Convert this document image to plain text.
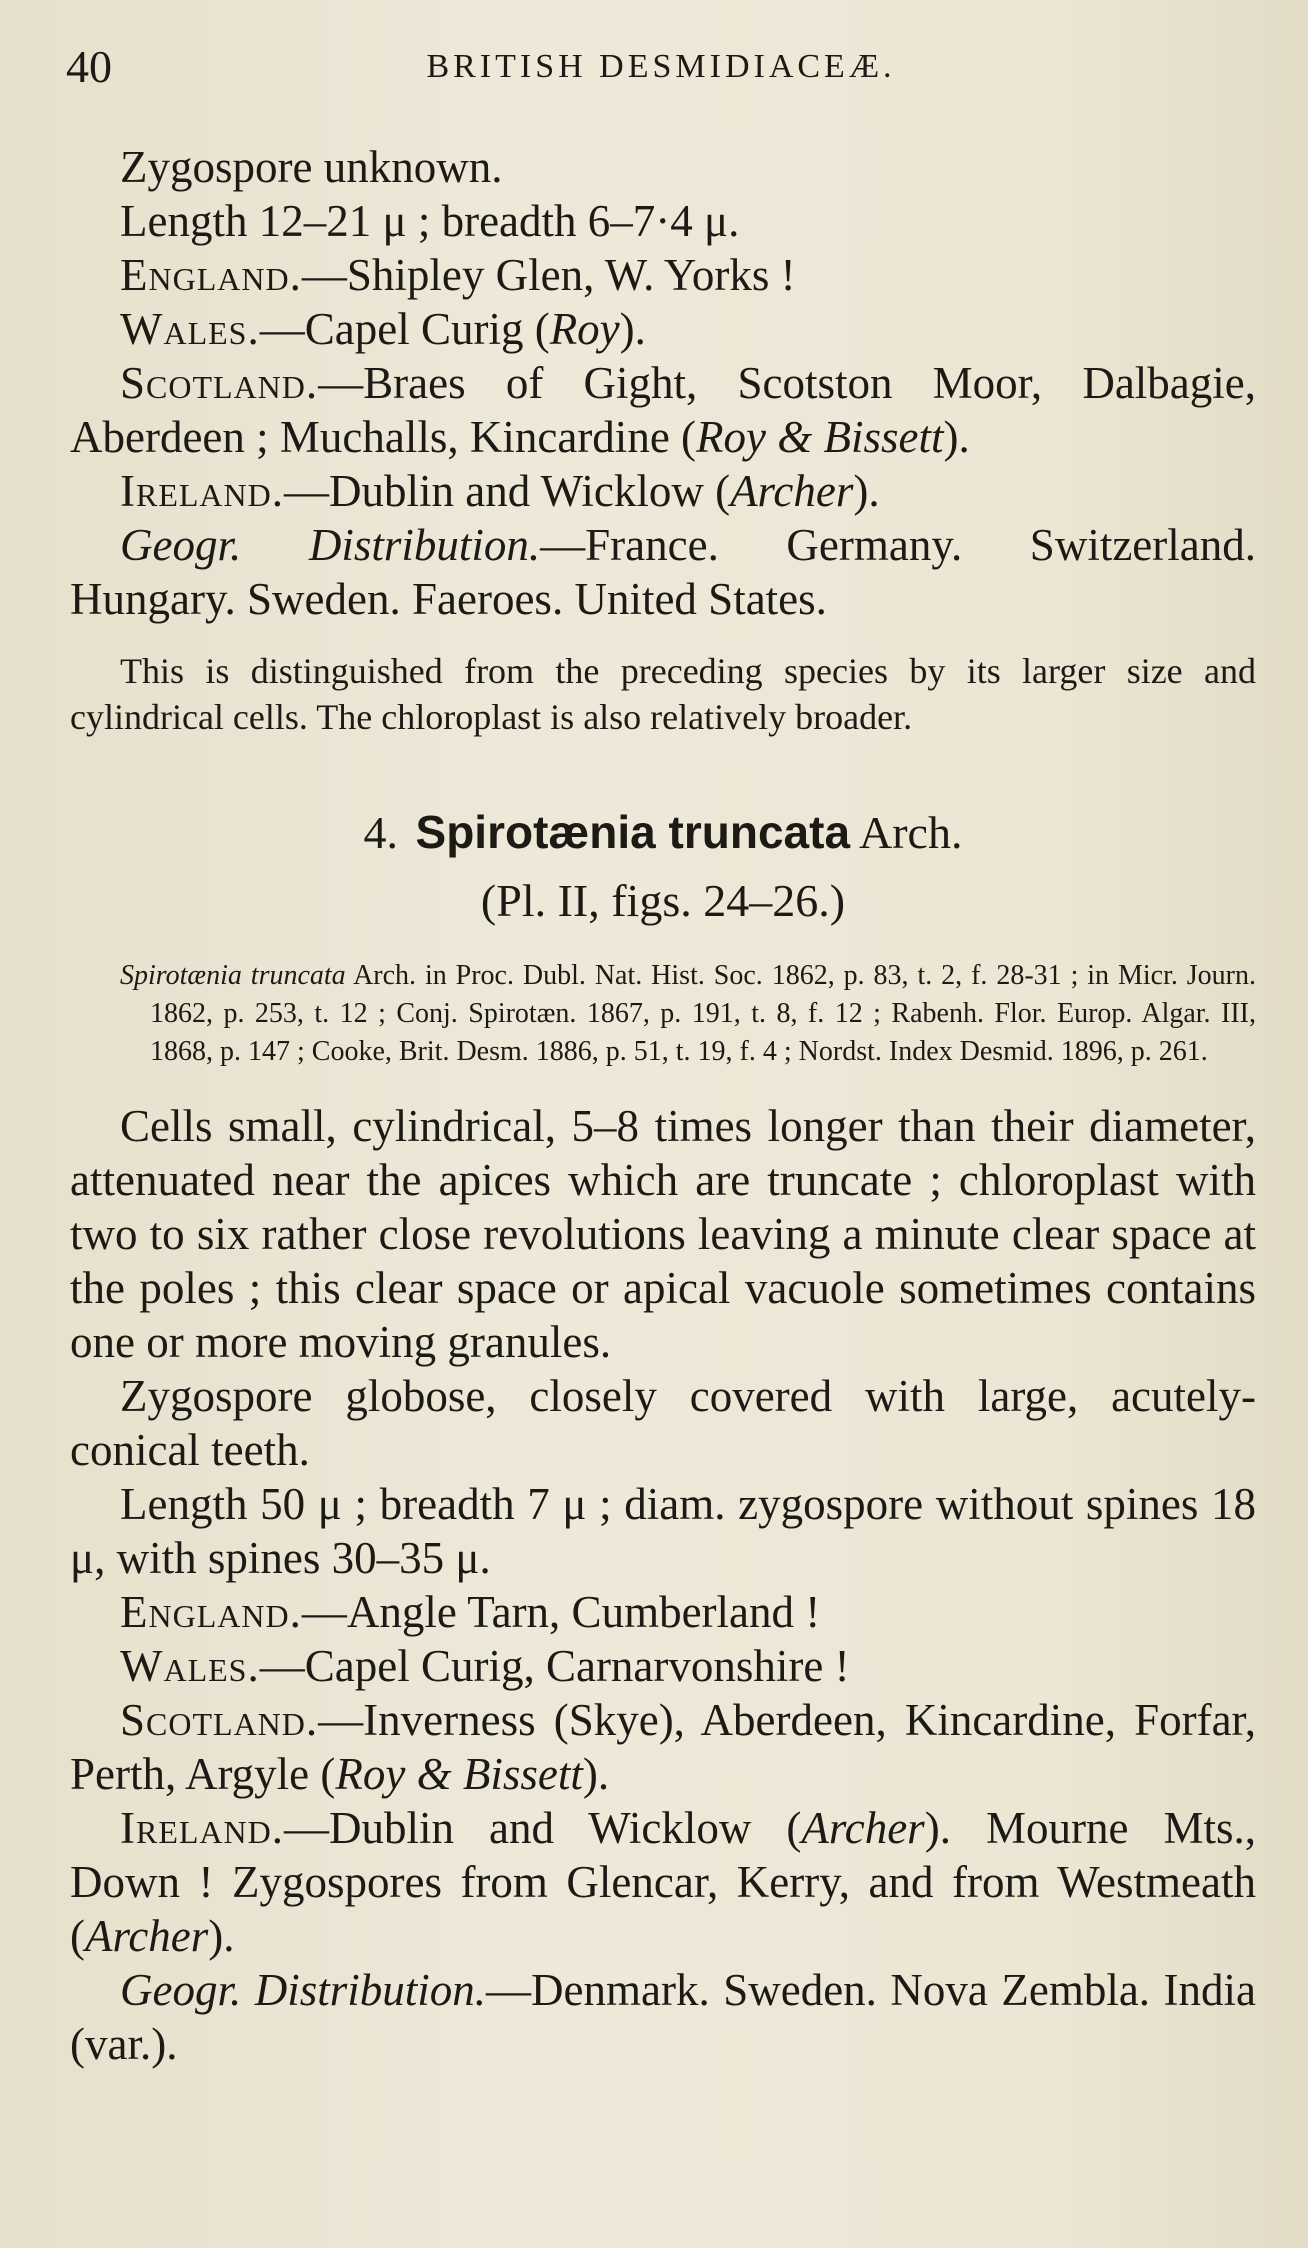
40	BRITISH DESMIDIACEÆ.

Zygospore unknown.

Length 12–21 μ ; breadth 6–7·4 μ.

England.—Shipley Glen, W. Yorks !

Wales.—Capel Curig (Roy).

Scotland.—Braes of Gight, Scotston Moor, Dalbagie, Aberdeen ; Muchalls, Kincardine (Roy & Bissett).

Ireland.—Dublin and Wicklow (Archer).

Geogr. Distribution.—France. Germany. Switzerland. Hungary. Sweden. Faeroes. United States.

This is distinguished from the preceding species by its larger size and cylindrical cells. The chloroplast is also relatively broader.

4. Spirotænia truncata Arch.
(Pl. II, figs. 24–26.)

Spirotænia truncata Arch. in Proc. Dubl. Nat. Hist. Soc. 1862, p. 83, t. 2, f. 28-31 ; in Micr. Journ. 1862, p. 253, t. 12 ; Conj. Spirotæn. 1867, p. 191, t. 8, f. 12 ; Rabenh. Flor. Europ. Algar. III, 1868, p. 147 ; Cooke, Brit. Desm. 1886, p. 51, t. 19, f. 4 ; Nordst. Index Desmid. 1896, p. 261.

Cells small, cylindrical, 5–8 times longer than their diameter, attenuated near the apices which are truncate ; chloroplast with two to six rather close revolutions leaving a minute clear space at the poles ; this clear space or apical vacuole sometimes contains one or more moving granules.

Zygospore globose, closely covered with large, acutely-conical teeth.

Length 50 μ ; breadth 7 μ ; diam. zygospore without spines 18 μ, with spines 30–35 μ.

England.—Angle Tarn, Cumberland !

Wales.—Capel Curig, Carnarvonshire !

Scotland.—Inverness (Skye), Aberdeen, Kincardine, Forfar, Perth, Argyle (Roy & Bissett).

Ireland.—Dublin and Wicklow (Archer). Mourne Mts., Down ! Zygospores from Glencar, Kerry, and from Westmeath (Archer).

Geogr. Distribution.—Denmark. Sweden. Nova Zembla. India (var.).
